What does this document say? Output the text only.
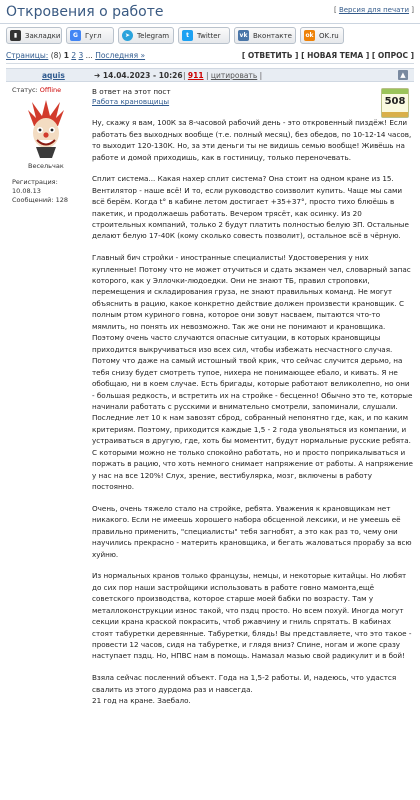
Откровения о работе	[ Версия для печати ]
▮	Закладки	G	Гугл	➤ Telegram	t	Twitter	vk Вконтакте ok OK.ru
Страницы: (8) 1 2 3 ... Последняя »	[ ОТВЕТИТЬ ] [ НОВАЯ ТЕМА ] [ ОПРОС ]
aquis	➜ 14.04.2023 - 10:26 | 911 | цитировать |	▲
Статус: Offline
Весельчак
Регистрация: 10.08.13
Сообщений: 128
508
В ответ на этот пост
Работа крановщицы

Ну, скажу я вам, 100К за 8-часовой рабочий день - это откровенный пиздёж! Если работать без выходных вообще (т.е. полный месяц), без обедов, по 10-12-14 часов, то выходит 120-130К. Но, за эти деньги ты не видишь семью вообще! Живёшь на работе и домой приходишь, как в гостиницу, только переночевать.

Сплит система... Какая нахер сплит система? Она стоит на одном кране из 15. Вентилятор - наше всё! И то, если руководство соизволит купить. Чаще мы сами всё берём. Когда t° в кабине летом достигает +35+37°, просто тихо блюёшь в пакетик, и продолжаешь работать. Вечером трясёт, как осинку. Из 20 строительных компаний, только 2 будут платить полностью белую ЗП. Остальные делают белую 17-40К (кому сколько совесть позволит), остальное всё в чёрную.

Главный бич стройки - иностранные специалисты! Удостоверения у них купленные! Потому что не может отучиться и сдать экзамен чел, словарный запас которого, как у Эллочки-людоедки. Они не знают ТБ, правил строповки, перемещения и складирования груза, не знают правильных команд. Не могут объяснить в рацию, какое конкретно действие должен произвести крановщик. С полным ртом куриного говна, которое они зовут насваем, пытаются что-то мямлить, но понять их невозможно. Так же они не понимают и крановщика. Поэтому очень часто случаются опасные ситуации, в которых крановщицы приходится выкручиваться изо всех сил, чтобы избежать несчастного случая. Потому что даже на самый истошный твой крик, что сейчас случится дерьмо, на тебя снизу будет смотреть тупое, нихера не понимающее ебало, и кивать. Я не обобщаю, ни в коем случае. Есть бригады, которые работают великолепно, но они - большая редкость, и встретить их на стройке - бесценно! Обычно это те, которые начинали работать с русскими и внимательно смотрели, запоминали, слушали. Последние лет 10 к нам завозят сброд, собранный непонятно где, как, и по каким критериям. Поэтому, приходится каждые 1,5 - 2 года увольняться из компании, и устраиваться в другую, где, хоть бы моментит, будут нормальные русские ребята. С которыми можно не только спокойно работать, но и просто поприкалываться и поржать в рацию, что хоть немного снимает напряжение от работы. А напряжение у нас на все 120%! Слух, зрение, вестибулярка, мозг, включены в работу постоянно.

Очень, очень тяжело стало на стройке, ребята. Уважения к крановщикам нет никакого. Если не имеешь хорошего набора обсценной лексики, и не умеешь её правильно применить, "специалисты" тебя загнобят, а это как раз то, чему они научились прекрасно - материть крановщика, и бегать жаловаться прорабу за всю хуйню.

Из нормальных кранов только французы, немцы, и некоторые китайцы. Но любят до сих пор наши застройщики использовать в работе говно мамонта,ещё советского производства, которое старше моей бабки по возрасту. Там у металлоконструкции износ такой, что пздц просто. Но всем похуй. Иногда могут секции крана краской покрасить, чтоб ржавчину и гниль спрятать. В кабинах стоят табуретки деревянные. Табуретки, блядь! Вы представляете, что это такое - провести 12 часов, сидя на табуретке, и глядя вниз? Спине, ногам и жопе сразу наступает пздц. Но, НПВС нам в помощь. Намазал мазью свой радикулит и в бой!

Взяла сейчас посленний объект. Года на 1,5-2 работы. И, надеюсь, что удастся свалить из этого дурдома раз и навсегда.

21 год на кране. Заебало.
